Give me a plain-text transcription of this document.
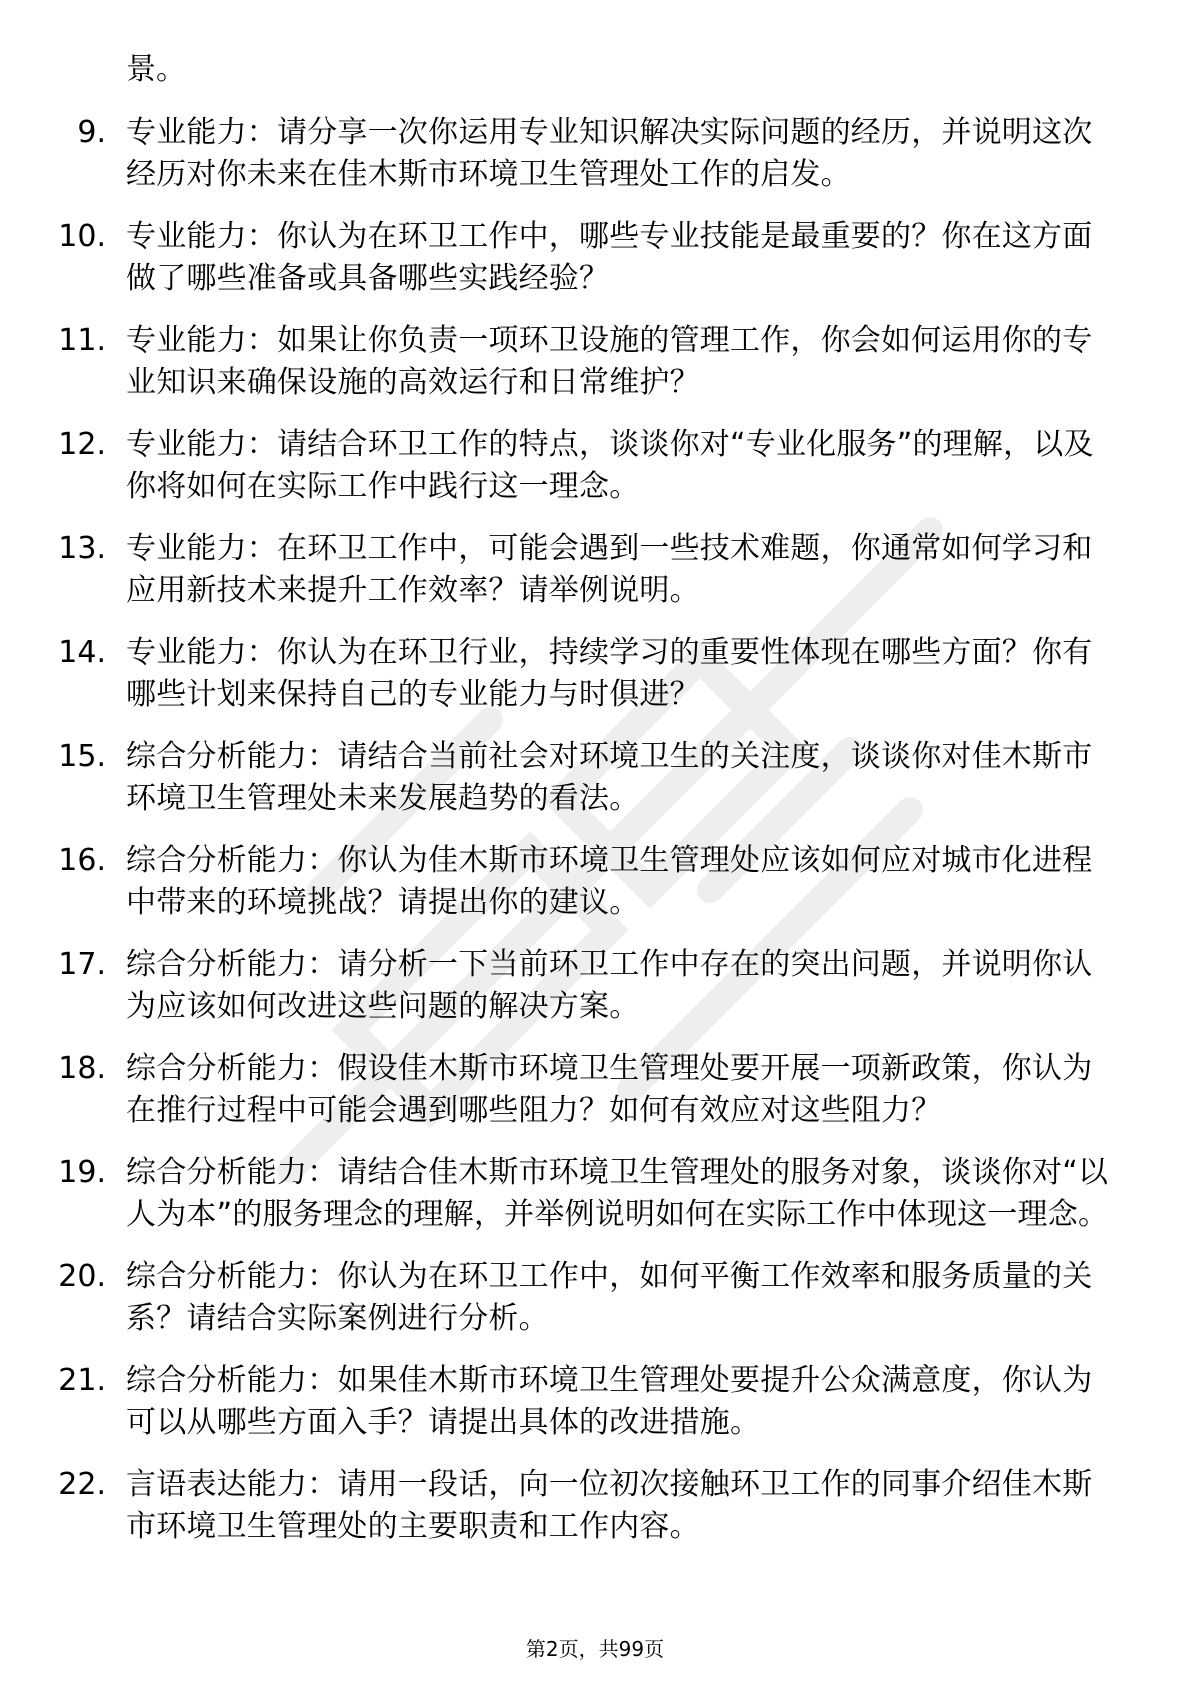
景。

9. 专业能力：请分享一次你运用专业知识解决实际问题的经历，并说明这次经历对你未来在佳木斯市环境卫生管理处工作的启发。
10. 专业能力：你认为在环卫工作中，哪些专业技能是最重要的？你在这方面做了哪些准备或具备哪些实践经验？
11. 专业能力：如果让你负责一项环卫设施的管理工作，你会如何运用你的专业知识来确保设施的高效运行和日常维护？
12. 专业能力：请结合环卫工作的特点，谈谈你对“专业化服务”的理解，以及你将如何在实际工作中践行这一理念。
13. 专业能力：在环卫工作中，可能会遇到一些技术难题，你通常如何学习和应用新技术来提升工作效率？请举例说明。
14. 专业能力：你认为在环卫行业，持续学习的重要性体现在哪些方面？你有哪些计划来保持自己的专业能力与时俱进？
15. 综合分析能力：请结合当前社会对环境卫生的关注度，谈谈你对佳木斯市环境卫生管理处未来发展趋势的看法。
16. 综合分析能力：你认为佳木斯市环境卫生管理处应该如何应对城市化进程中带来的环境挑战？请提出你的建议。
17. 综合分析能力：请分析一下当前环卫工作中存在的突出问题，并说明你认为应该如何改进这些问题的解决方案。
18. 综合分析能力：假设佳木斯市环境卫生管理处要开展一项新政策，你认为在推行过程中可能会遇到哪些阻力？如何有效应对这些阻力？
19. 综合分析能力：请结合佳木斯市环境卫生管理处的服务对象，谈谈你对“以人为本”的服务理念的理解，并举例说明如何在实际工作中体现这一理念。
20. 综合分析能力：你认为在环卫工作中，如何平衡工作效率和服务质量的关系？请结合实际案例进行分析。
21. 综合分析能力：如果佳木斯市环境卫生管理处要提升公众满意度，你认为可以从哪些方面入手？请提出具体的改进措施。
22. 言语表达能力：请用一段话，向一位初次接触环卫工作的同事介绍佳木斯市环境卫生管理处的主要职责和工作内容。
第2页，共99页
